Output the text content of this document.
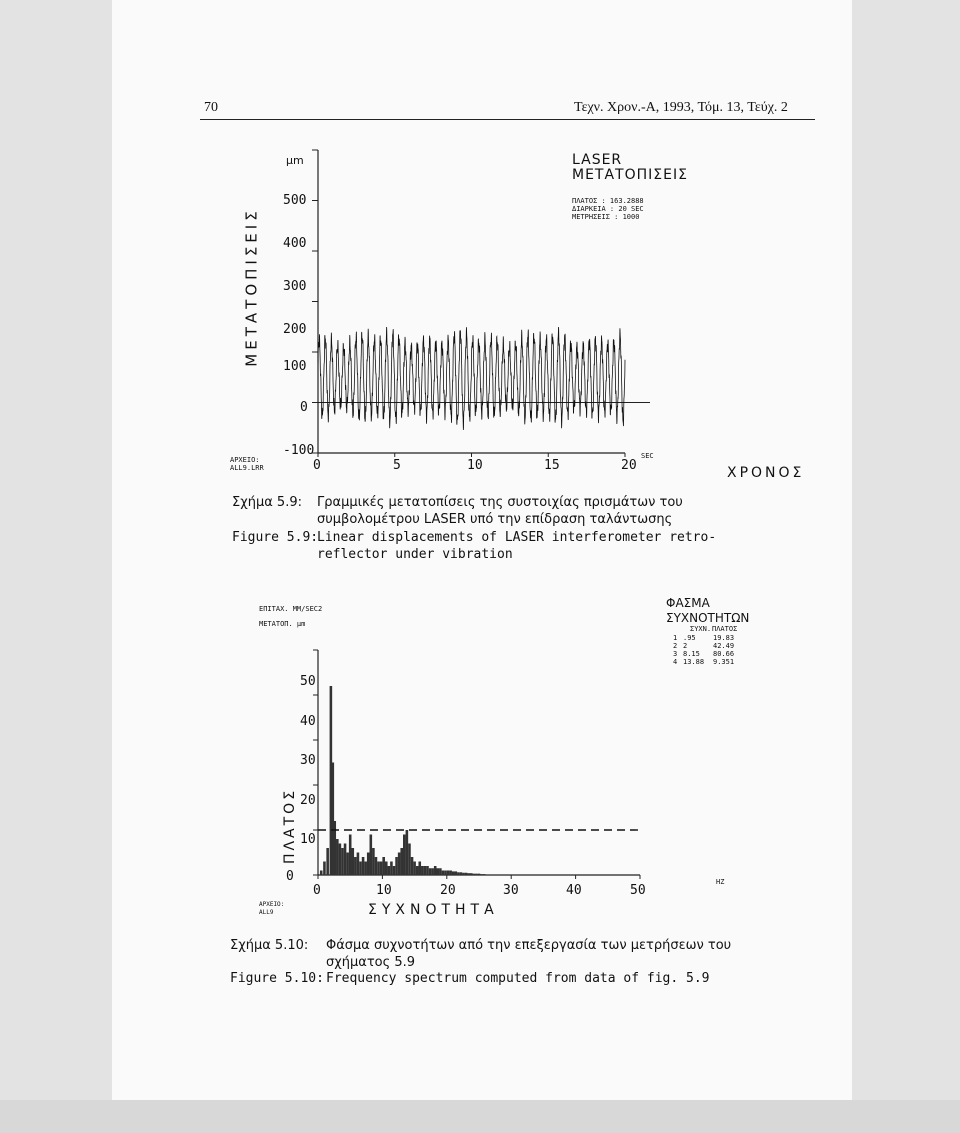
70	Τεχν. Χρον.-Α, 1993, Τόμ. 13, Τεύχ. 2
μm	LASER
ΜΕΤΑΤΟΠΙΣΕΙΣ
ΠΛΑΤΟΣ : 163.2888
ΔΙΑΡΚΕΙΑ : 20 SEC
ΜΕΤΡΗΣΕΙΣ : 1000
ΜΕΤΑΤΟΠΙΣΕΙΣ
ΧΡΟΝΟΣ
SEC
ΑΡΧΕΙΟ:
ALL9.LRR
500
400
300
200
100
0
-100
0	5	10	15	20
Σχήμα 5.9: Γραμμικές μετατοπίσεις της συστοιχίας πρισμάτων του
συμβολομέτρου LASER υπό την επίδραση ταλάντωσης
Figure 5.9:
Linear displacements of LASER interferometer retro-
reflector under vibration
ΕΠΙΤΑΧ. ΜΜ/SEC2
ΜΕΤΑΤΟΠ. μm
ΦΑΣΜΑ
ΣΥΧΝΟΤΗΤΩΝ
ΣΥΧΝ. ΠΛΑΤΟΣ
1 .95 19.83
2 2	42.49
3 8.15 80.66
4 13.88 9.351
ΠΛΑΤΟΣ
ΣΥΧΝΟΤΗΤΑ
HZ
ΑΡΧΕΙΟ:
ALL9
50
40
30
20
10
0
0	10	20	30	40	50
Σχήμα 5.10: Φάσμα συχνοτήτων από την επεξεργασία των μετρήσεων του
σχήματος 5.9
Figure 5.10: Frequency spectrum computed from data of fig. 5.9
